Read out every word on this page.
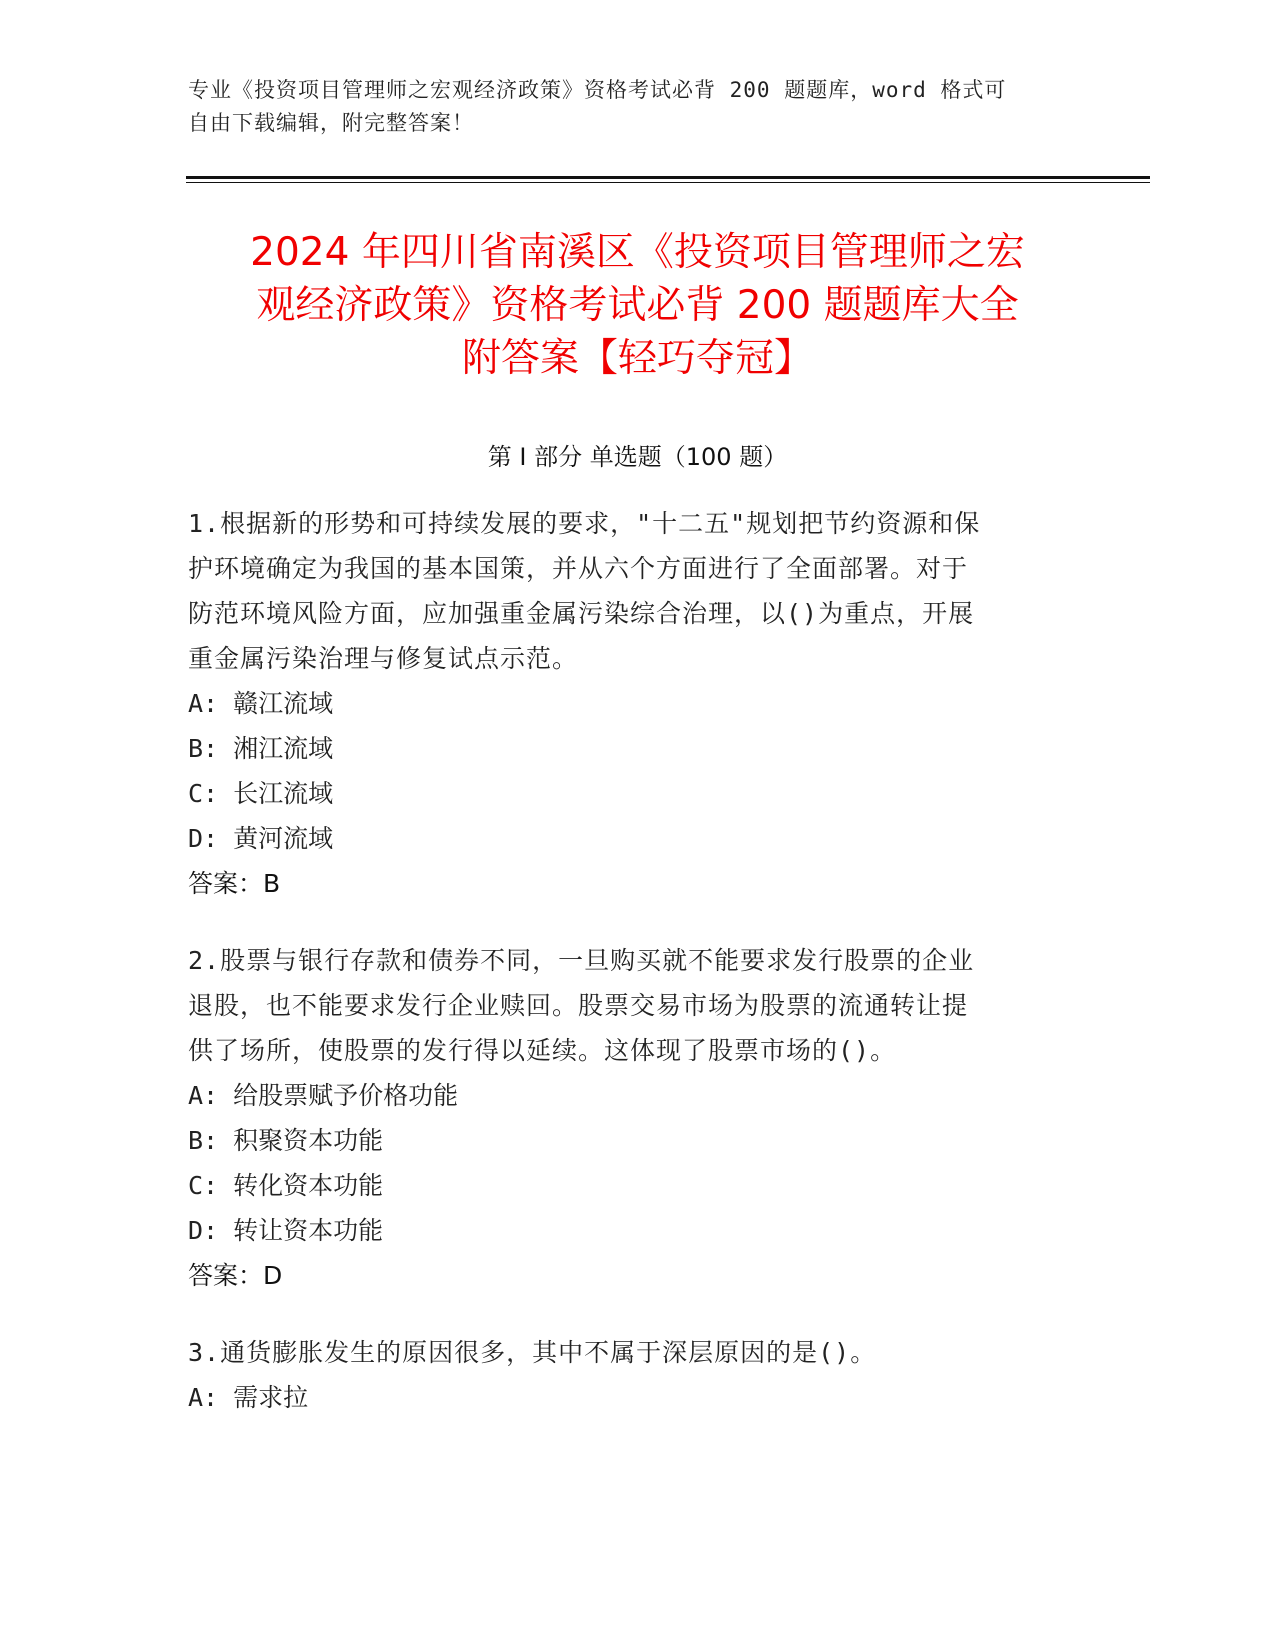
专业《投资项目管理师之宏观经济政策》资格考试必背 200 题题库，word 格式可
自由下载编辑，附完整答案！
2024 年四川省南溪区《投资项目管理师之宏
观经济政策》资格考试必背 200 题题库大全
附答案【轻巧夺冠】
第 I 部分 单选题（100 题）
1.根据新的形势和可持续发展的要求，"十二五"规划把节约资源和保
护环境确定为我国的基本国策，并从六个方面进行了全面部署。对于
防范环境风险方面，应加强重金属污染综合治理，以()为重点，开展
重金属污染治理与修复试点示范。
A: 赣江流域
B: 湘江流域
C: 长江流域
D: 黄河流域
答案：B
2.股票与银行存款和债券不同，一旦购买就不能要求发行股票的企业
退股，也不能要求发行企业赎回。股票交易市场为股票的流通转让提
供了场所，使股票的发行得以延续。这体现了股票市场的()。
A: 给股票赋予价格功能
B: 积聚资本功能
C: 转化资本功能
D: 转让资本功能
答案：D
3.通货膨胀发生的原因很多，其中不属于深层原因的是()。
A: 需求拉
